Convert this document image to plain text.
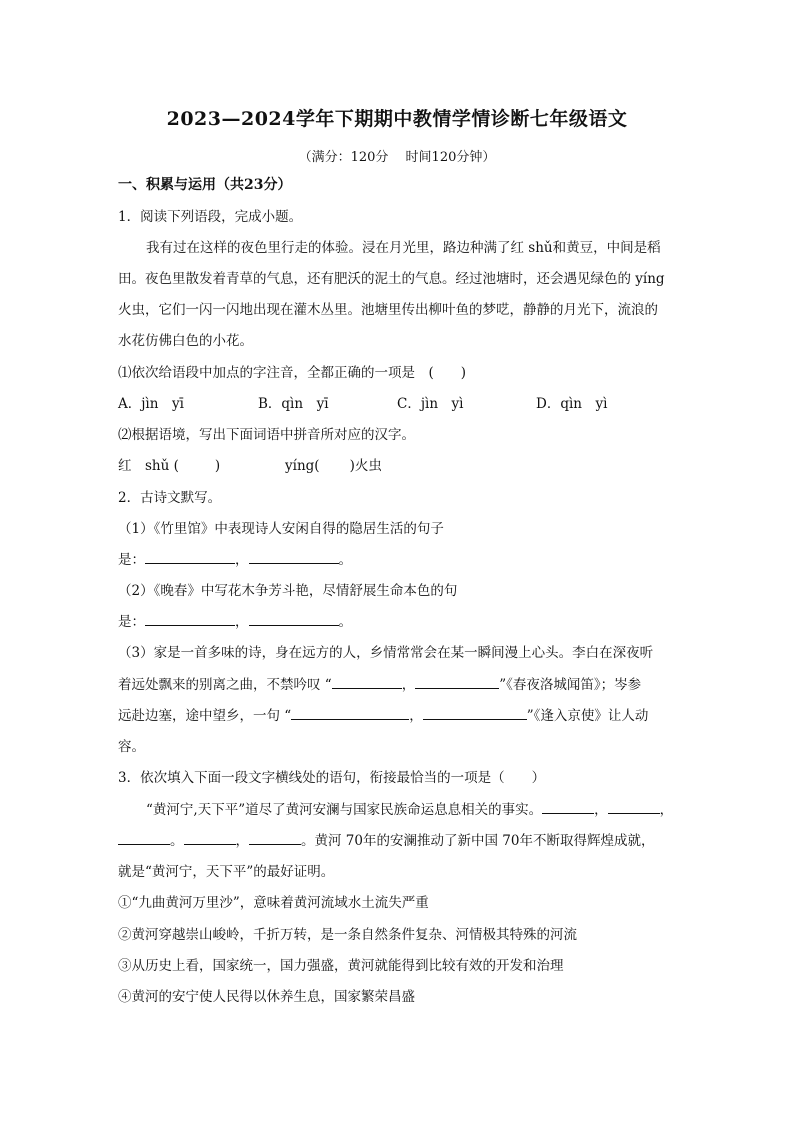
2023—2024学年下期期中教情学情诊断七年级语文
（满分：120分　 时间120分钟）
一、积累与运用（共23分）
1．阅读下列语段，完成小题。
我有过在这样的夜色里行走的体验。浸在月光里，路边种满了红 shǔ和黄豆，中间是稻
田。夜色里散发着青草的气息，还有肥沃的泥土的气息。经过池塘时，还会遇见绿色的 yíng
火虫，它们一闪一闪地出现在灌木丛里。池塘里传出柳叶鱼的梦呓，静静的月光下，流浪的
水花仿佛白色的小花。
⑴依次给语段中加点的字注音，全都正确的一项是　(　　)
A．jìn　yī	B．qìn　yī	C．jìn　yì	D．qìn　yì
⑵根据语境，写出下面词语中拼音所对应的汉字。
红　shǔ (	)	yíng( )火虫
2．古诗文默写。
（1）《竹里馆》中表现诗人安闲自得的隐居生活的句子
是：	，	。
（2）《晚春》中写花木争芳斗艳，尽情舒展生命本色的句
是：	，	。
（3）家是一首多味的诗，身在远方的人，乡情常常会在某一瞬间漫上心头。李白在深夜听
着远处飘来的别离之曲，不禁吟叹 “	，	”《春夜洛城闻笛》；岑参
远赴边塞，途中望乡，一句 “	，	”《逢入京使》让人动
容。
3．依次填入下面一段文字横线处的语句，衔接最恰当的一项是（　　）
“黄河宁,天下平”道尽了黄河安澜与国家民族命运息息相关的事实。	，	，
。	，	。黄河 70年的安澜推动了新中国 70年不断取得辉煌成就，
就是“黄河宁，天下平”的最好证明。
①“九曲黄河万里沙”，意味着黄河流域水土流失严重
②黄河穿越崇山峻岭，千折万转，是一条自然条件复杂、河情极其特殊的河流
③从历史上看，国家统一，国力强盛，黄河就能得到比较有效的开发和治理
④黄河的安宁使人民得以休养生息，国家繁荣昌盛
